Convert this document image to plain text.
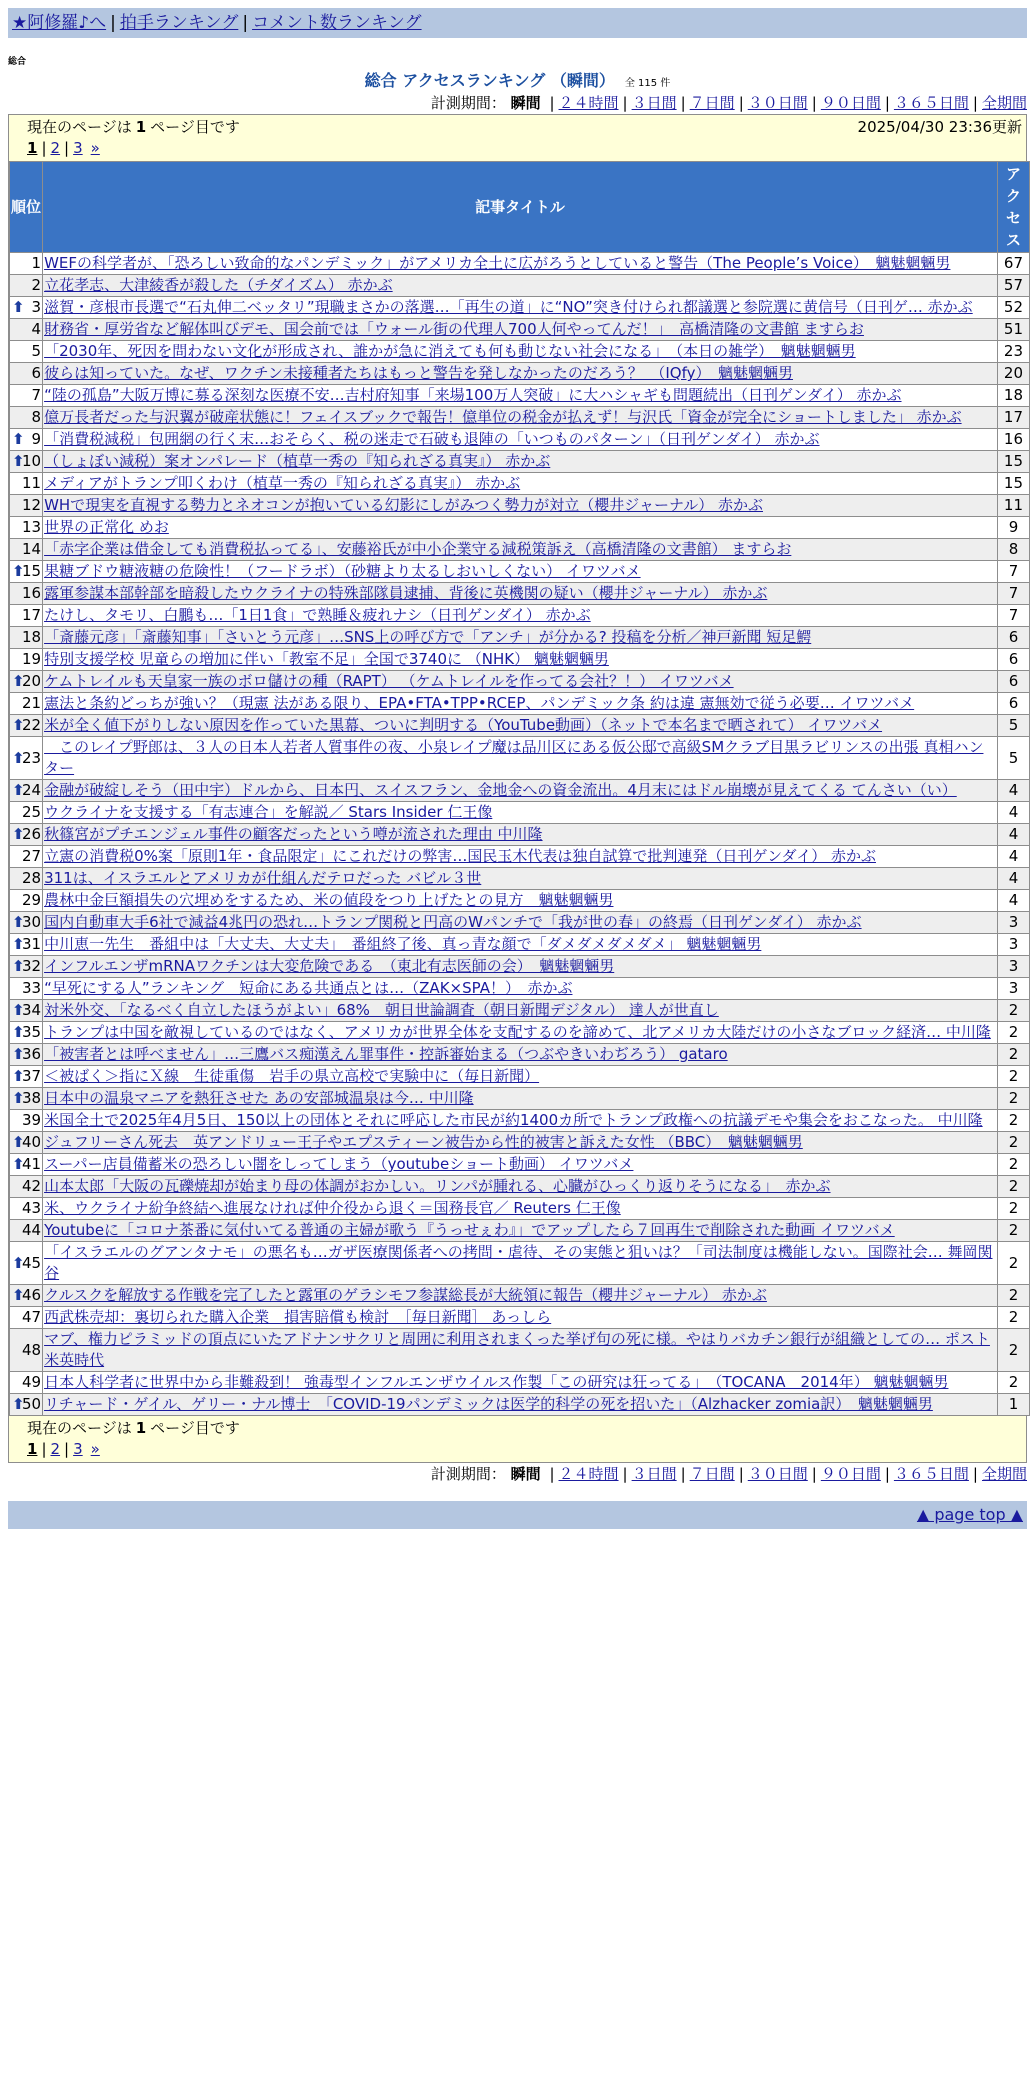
★阿修羅♪へ | 拍手ランキング | コメント数ランキング
総合
総合 アクセスランキング （瞬間） 全 115 件
計測期間： 瞬間 | ２４時間 | ３日間 | ７日間 | ３０日間 | ９０日間 | ３６５日間 | 全期間
現在のページは 1 ページ目です	2025/04/30 23:36更新
1 | 2 | 3 »
順位	記事タイトル	アクセス
1	WEFの科学者が、「恐ろしい致命的なパンデミック」がアメリカ全土に広がろうとしていると警告（The People’s Voice）　魑魅魍魎男	67
2	立花孝志、大津綾香が殺した（チダイズム） 赤かぶ	57

⬆ 3	滋賀・彦根市長選で“石丸伸二ベッタリ”現職まさかの落選…「再生の道」に“NO”突き付けられ都議選と参院選に黄信号（日刊ゲ… 赤かぶ	52
4	財務省・厚労省など解体叫びデモ、国会前では「ウォール街の代理人700人何やってんだ！」　高橋清隆の文書館 ますらお	51
5	「2030年、死因を問わない文化が形成され、誰かが急に消えても何も動じない社会になる」　（本日の雑学）　魑魅魍魎男	23
6	彼らは知っていた。なぜ、ワクチン未接種者たちはもっと警告を発しなかったのだろう？　（IQfy）　魑魅魍魎男	20
7	“陸の孤島”大阪万博に募る深刻な医療不安…吉村府知事「来場100万人突破」に大ハシャギも問題続出（日刊ゲンダイ） 赤かぶ	18
8	億万長者だった与沢翼が破産状態に！フェイスブックで報告！億単位の税金が払えず！与沢氏「資金が完全にショートしました」 赤かぶ	17

⬆ 9	「消費税減税」包囲網の行く末…おそらく、税の迷走で石破も退陣の「いつものパターン」（日刊ゲンダイ） 赤かぶ	16

⬆
10	（しょぼい減税）案オンパレード（植草一秀の『知られざる真実』） 赤かぶ	15
11	メディアがトランプ叩くわけ（植草一秀の『知られざる真実』） 赤かぶ	15
12	WHで現実を直視する勢力とネオコンが抱いている幻影にしがみつく勢力が対立（櫻井ジャーナル） 赤かぶ	11
13	世界の正常化 めお	9
14	「赤字企業は借金しても消費税払ってる」、安藤裕氏が中小企業守る減税策訴え（高橋清隆の文書館） ますらお	8

⬆
15	果糖ブドウ糖液糖の危険性！（フードラボ）（砂糖より太るしおいしくない） イワツバメ	7
16	露軍参謀本部幹部を暗殺したウクライナの特殊部隊員逮捕、背後に英機関の疑い（櫻井ジャーナル） 赤かぶ	7
17	たけし、タモリ、白鵬も…「1日1食」で熟睡＆疲れナシ（日刊ゲンダイ） 赤かぶ	7
18	「斎藤元彦」「斎藤知事」「さいとう元彦」…SNS上の呼び方で「アンチ」が分かる? 投稿を分析／神戸新聞 短足鰐	6
19	特別支援学校 児童らの増加に伴い「教室不足」全国で3740に （NHK） 魑魅魍魎男	6

⬆
20	ケムトレイルも天皇家一族のボロ儲けの種（RAPT） （ケムトレイルを作ってる会社？！） イワツバメ	6
21	憲法と条約どっちが強い？（現憲 法がある限り、EPA•FTA•TPP•RCEP、パンデミック条 約は違 憲無効で従う必要… イワツバメ	6

⬆
22	米が全く値下がりしない原因を作っていた黒幕、ついに判明する（YouTube動画）（ネットで本名まで晒されて） イワツバメ	5

⬆
23	　このレイプ野郎は、３人の日本人若者人質事件の夜、小泉レイプ魔は品川区にある仮公邸で高級SMクラブ目黒ラビリンスの出張 真相ハンター	5

⬆
24	金融が破綻しそう（田中宇）ドルから、日本円、スイスフラン、金地金への資金流出。4月末にはドル崩壊が見えてくる てんさい（い）	4
25	ウクライナを支援する「有志連合」を解説／ Stars Insider 仁王像	4

⬆
26	秋篠宮がプチエンジェル事件の顧客だったという噂が流された理由 中川隆	4
27	立憲の消費税0%案「原則1年・食品限定」にこれだけの弊害…国民玉木代表は独自試算で批判連発（日刊ゲンダイ） 赤かぶ	4
28	311は、イスラエルとアメリカが仕組んだテロだった バビル３世	4
29	農林中金巨額損失の穴埋めをするため、米の値段をつり上げたとの見方　魑魅魍魎男	4

⬆
30	国内自動車大手6社で減益4兆円の恐れ…トランプ関税と円高のWパンチで「我が世の春」の終焉（日刊ゲンダイ） 赤かぶ	3

⬆
31	中川恵一先生　番組中は「大丈夫、大丈夫」　番組終了後、真っ青な顔で「ダメダメダメダメ」 魑魅魍魎男	3

⬆
32	インフルエンザmRNAワクチンは大変危険である　（東北有志医師の会）　魑魅魍魎男	3
33	“早死にする人”ランキング　短命にある共通点とは…（ZAK×SPA！）　赤かぶ	3

⬆
34	対米外交、「なるべく自立したほうがよい」68%　朝日世論調査（朝日新聞デジタル） 達人が世直し	2

⬆
35	トランプは中国を敵視しているのではなく、アメリカが世界全体を支配するのを諦めて、北アメリカ大陸だけの小さなブロック経済… 中川隆	2

⬆
36	「被害者とは呼べません」…三鷹バス痴漢えん罪事件・控訴審始まる（つぶやきいわぢろう） gataro	2

⬆
37	＜被ばく＞指にＸ線　生徒重傷　岩手の県立高校で実験中に（毎日新聞）	2

⬆
38	日本中の温泉マニアを熱狂させた あの安部城温泉は今… 中川隆	2
39	米国全土で2025年4月5日、150以上の団体とそれに呼応した市民が約1400カ所でトランプ政権への抗議デモや集会をおこなった。 中川隆	2

⬆
40	ジュフリーさん死去　英アンドリュー王子やエプスティーン被告から性的被害と訴えた女性 （BBC）　魑魅魍魎男	2

⬆
41	スーパー店員備蓄米の恐ろしい闇をしってしまう（youtubeショート動画） イワツバメ	2
42	山本太郎「大阪の瓦礫焼却が始まり母の体調がおかしい。リンパが腫れる、心臓がひっくり返りそうになる」　赤かぶ	2
43	米、ウクライナ紛争終結へ進展なければ仲介役から退く＝国務長官／ Reuters 仁王像	2
44	Youtubeに「コロナ茶番に気付いてる普通の主婦が歌う『うっせぇわ』」でアップしたら７回再生で削除された動画 イワツバメ	2

⬆
45	「イスラエルのグアンタナモ」の悪名も…ガザ医療関係者への拷問・虐待、その実態と狙いは？「司法制度は機能しない。国際社会… 舞岡関谷	2

⬆
46	クルスクを解放する作戦を完了したと露軍のゲラシモフ参謀総長が大統領に報告（櫻井ジャーナル） 赤かぶ	2
47	西武株売却：裏切られた購入企業　損害賠償も検討　［毎日新聞］ あっしら	2
48	マブ、権力ピラミッドの頂点にいたアドナンサクリと周囲に利用されまくった挙げ句の死に様。やはりバカチン銀行が組織としての… ポスト米英時代	2
49	日本人科学者に世界中から非難殺到！ 強毒型インフルエンザウイルス作製「この研究は狂ってる」　（TOCANA　2014年） 魑魅魍魎男	2

⬆
50	リチャード・ゲイル、ゲリー・ナル博士　「COVID-19パンデミックは医学的科学の死を招いた」（Alzhacker zomia訳）　魑魅魍魎男	1
現在のページは 1 ページ目です
1 | 2 | 3 »
計測期間： 瞬間 | ２４時間 | ３日間 | ７日間 | ３０日間 | ９０日間 | ３６５日間 | 全期間
▲ page top ▲
